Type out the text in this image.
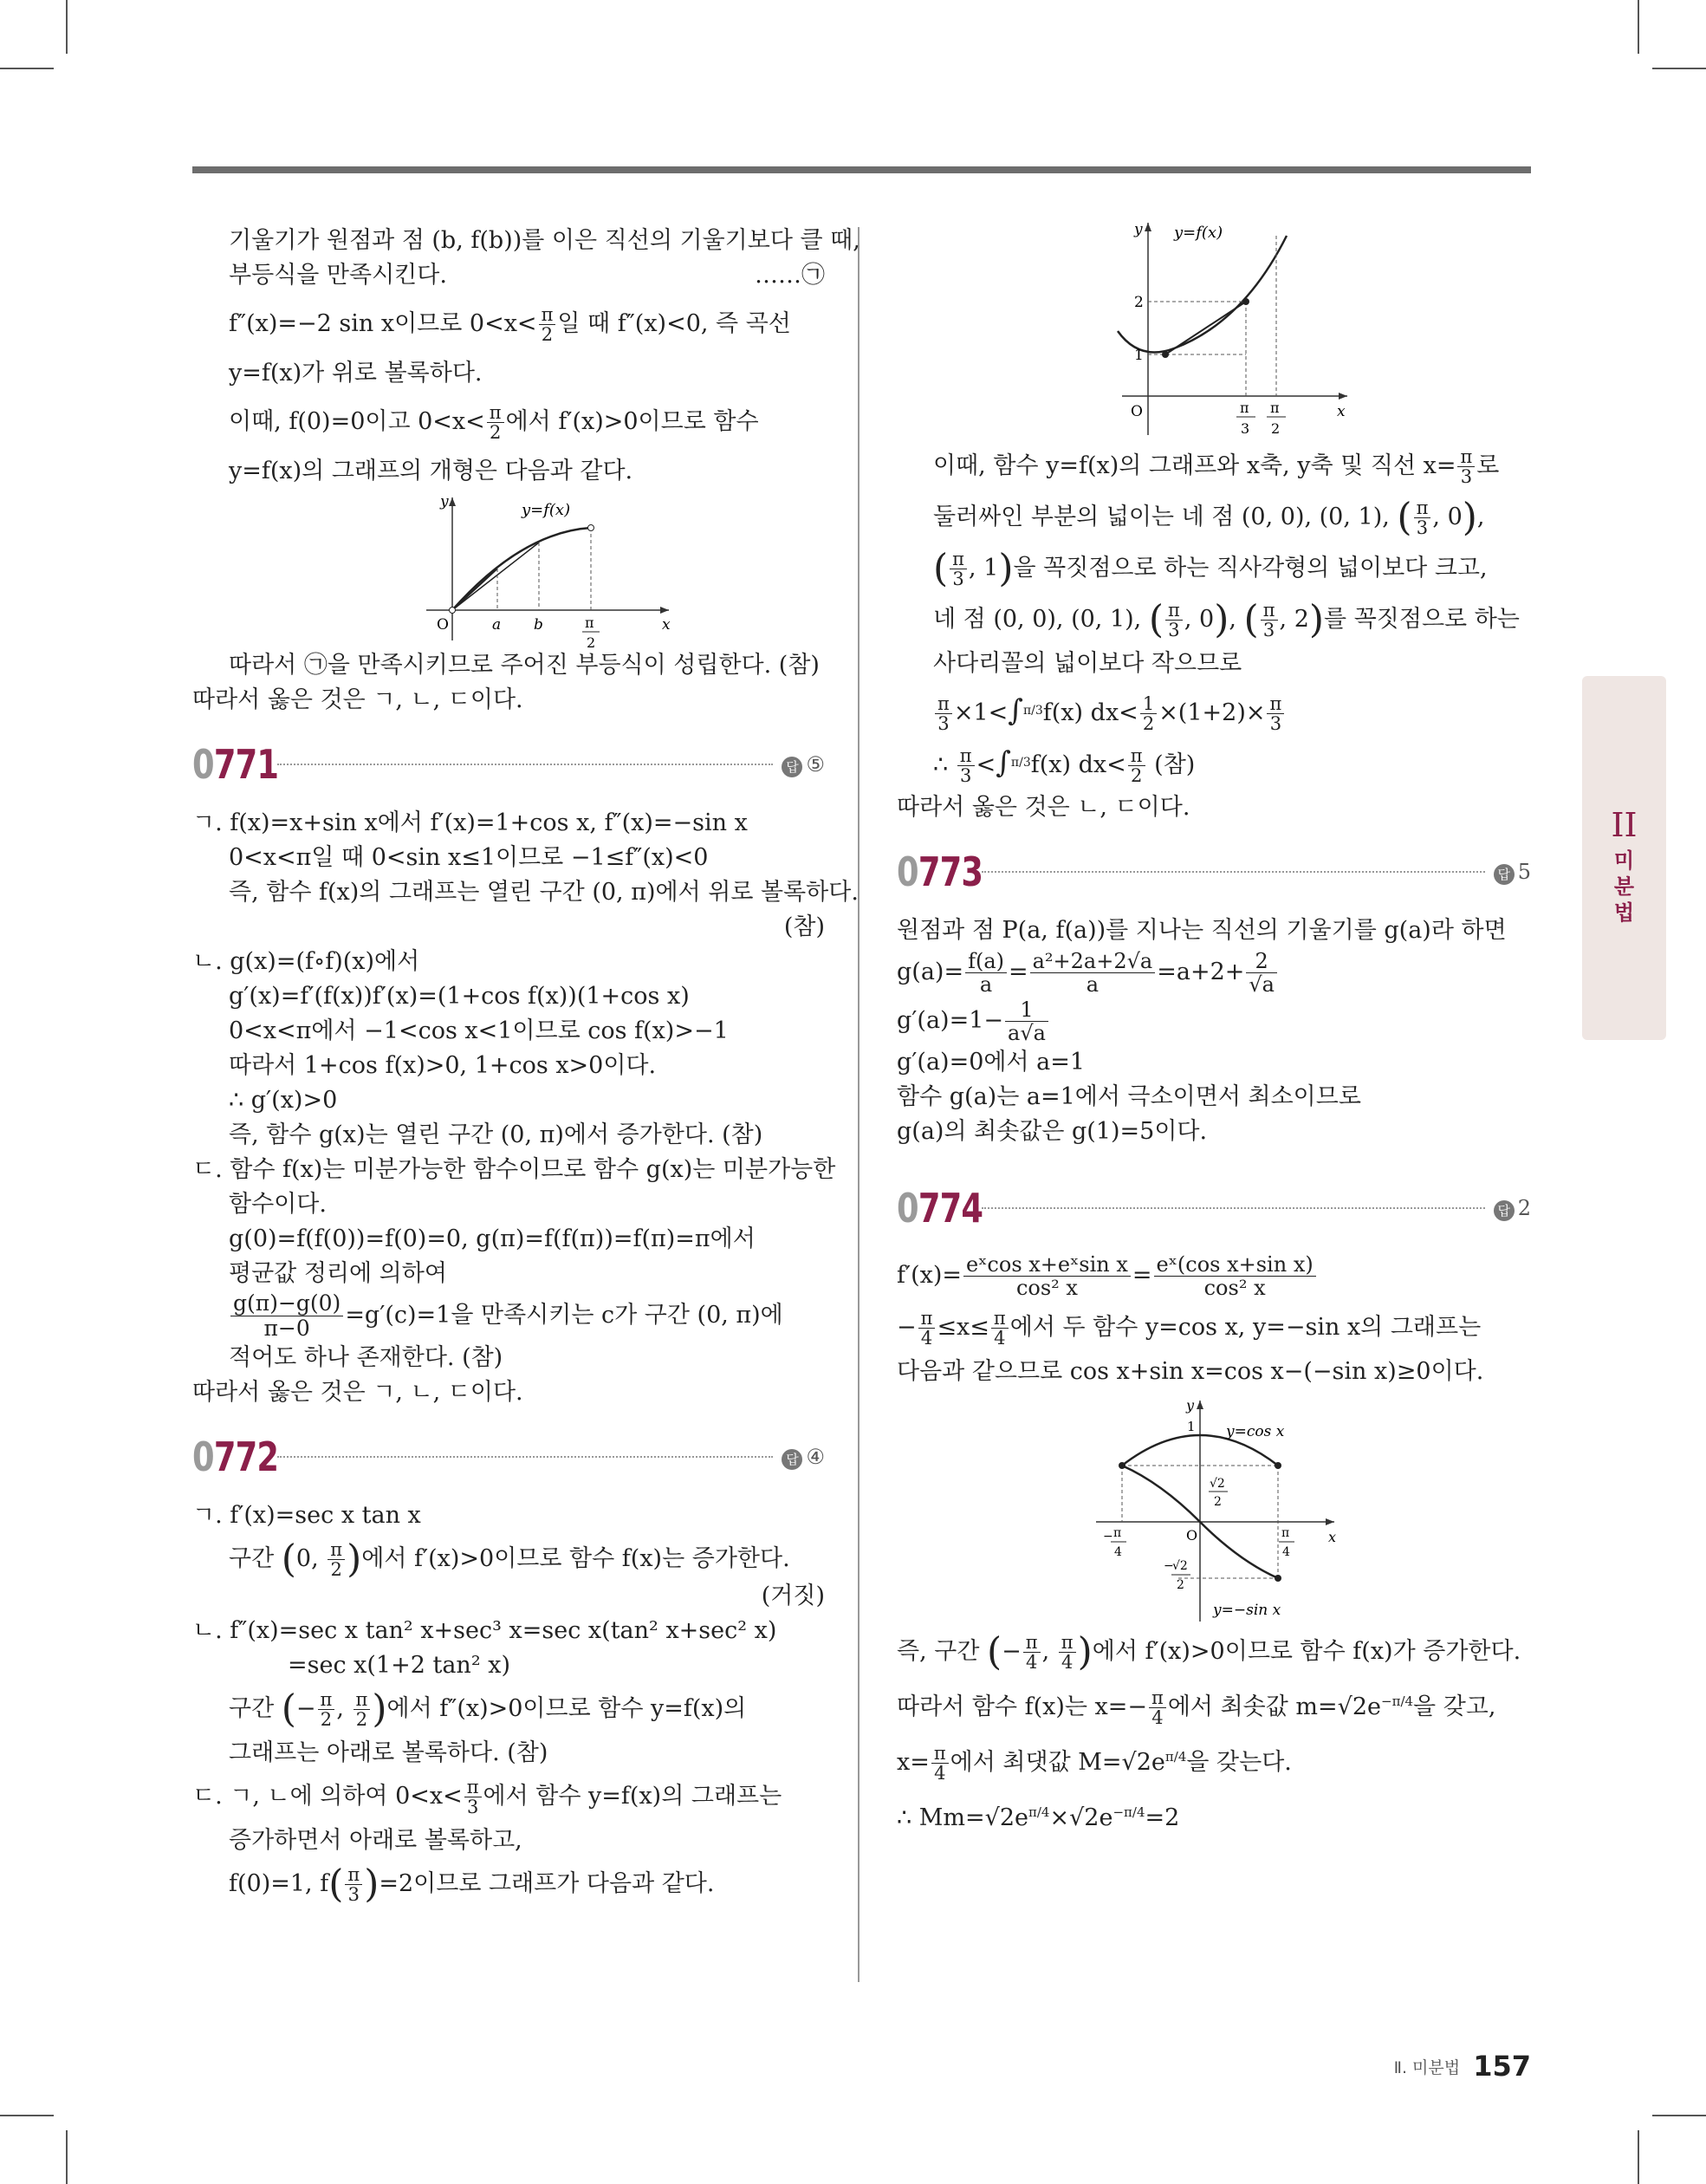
기울기가 원점과 점 (b, f(b))를 이은 직선의 기울기보다 클 때,

부등식을 만족시킨다.	……㉠

f″(x)=−2 sin x이므로 $0<x< \frac{\pi}{2}$ 일 때 f″(x)<0, 즉 곡선

y=f(x)가 위로 볼록하다.

이때, f(0)=0이고 $0<x< \frac{\pi}{2}$ 에서 f′(x)>0이므로 함수

y=f(x)의 그래프의 개형은 다음과 같다.

y=f(x)
y
x
O	a b	π
2

따라서 ㉠을 만족시키므로 주어진 부등식이 성립한다. (참)

따라서 옳은 것은 ㄱ, ㄴ, ㄷ이다.

0771	답 ⑤

ㄱ. f(x)=x+sin x에서 f′(x)=1+cos x, f″(x)=−sin x

0<x<π일 때 0<sin x≤1이므로 −1≤f″(x)<0

즉, 함수 f(x)의 그래프는 열린 구간 (0, π)에서 위로 볼록하다.

(참)

ㄴ. g(x)=(f∘f)(x)에서

g′(x)=f′(f(x))f′(x)=(1+cos f(x))(1+cos x)

0<x<π에서 −1<cos x<1이므로 cos f(x)>−1

따라서 1+cos f(x)>0, 1+cos x>0이다.

∴ g′(x)>0

즉, 함수 g(x)는 열린 구간 (0, π)에서 증가한다. (참)

ㄷ. 함수 f(x)는 미분가능한 함수이므로 함수 g(x)는 미분가능한

함수이다.

g(0)=f(f(0))=f(0)=0, g(π)=f(f(π))=f(π)=π에서

평균값 정리에 의하여

$\frac{g(\pi)-g(0)}{\pi-0} =g'(c)=1$을 만족시키는 c가 구간 (0, π)에

적어도 하나 존재한다. (참)

따라서 옳은 것은 ㄱ, ㄴ, ㄷ이다.

0772	답 ④

ㄱ. f′(x)=sec x tan x

구간 (0, $\frac{\pi}{2}$ )에서 f′(x)>0이므로 함수 f(x)는 증가한다.

(거짓)

ㄴ. f″(x)=sec x tan² x+sec³ x=sec x(tan² x+sec² x)

=sec x(1+2 tan² x)

구간 (− $\frac{\pi}{2}$ , $\frac{\pi}{2}$ )에서 f″(x)>0이므로 함수 y=f(x)의

그래프는 아래로 볼록하다. (참)

ㄷ. ㄱ, ㄴ에 의하여 $0<x< \frac{\pi}{3}$ 에서 함수 y=f(x)의 그래프는

증가하면서 아래로 볼록하고,

f(0)=1, $f( \frac{\pi}{3} )=2$이므로 그래프가 다음과 같다.

y=f(x)
y
x
O
1
2
π
3
π
2

이때, 함수 y=f(x)의 그래프와 x축, y축 및 직선 $x= \frac{\pi}{3}$ 로

둘러싸인 부분의 넓이는 네 점 (0, 0), (0, 1), ( $\frac{\pi}{3}$ , 0),

( $\frac{\pi}{3}$ , 1)을 꼭짓점으로 하는 직사각형의 넓이보다 크고,

네 점 (0, 0), (0, 1), ( $\frac{\pi}{3}$ , 0), ( $\frac{\pi}{3}$ , 2)를 꼭짓점으로 하는

사다리꼴의 넓이보다 작으므로

$\frac{\pi}{3} \times 1<\int^{\pi/3}f(x)$ $dx< \frac{1}{2} \times(1+2)\times \frac{\pi}{3}$

∴ $\frac{\pi}{3} <\int^{\pi/3}f(x)$ $dx< \frac{\pi}{2}$ (참)

따라서 옳은 것은 ㄴ, ㄷ이다.

0773	답 5

원점과 점 P(a, f(a))를 지나는 직선의 기울기를 g(a)라 하면

$g(a)= \frac{f(a)}{a} = \frac{\text{a²+2a+2√a}}{a} =a+2+ \frac{2}{√a}$

$g'(a)=1- \frac{1}{a√a}$

g′(a)=0에서 a=1

함수 g(a)는 a=1에서 극소이면서 최소이므로

g(a)의 최솟값은 g(1)=5이다.

0774	답 2

$f'(x)= \frac{\text{eˣcos x+eˣsin x}}{\text{cos² x}} = \frac{\text{eˣ(cos x+sin x)}}{\text{cos² x}}$

− $\frac{\pi}{4} \le x\le \frac{\pi}{4}$ 에서 두 함수 y=cos x, y=−sin x의 그래프는

다음과 같으므로 cos x+sin x=cos x−(−sin x)≥0이다.

y=cos x
y=−sin x
y
x
O
1
√2
2
−
√2
2
− π
4
π
4

즉, 구간 (− $\frac{\pi}{4}$ , $\frac{\pi}{4}$ )에서 f′(x)>0이므로 함수 f(x)가 증가한다.

따라서 함수 f(x)는 $x=- \frac{\pi}{4}$ 에서 최솟값 $m=√2e^{-\pi/4}$을 갖고,

$x= \frac{\pi}{4}$ 에서 최댓값 $M=√2e^{\pi/4}$을 갖는다.

∴ $Mm=√2e^{\pi/4}\times√2e^{-\pi/4}=2$

II
미
분
법
Ⅱ. 미분법 157
